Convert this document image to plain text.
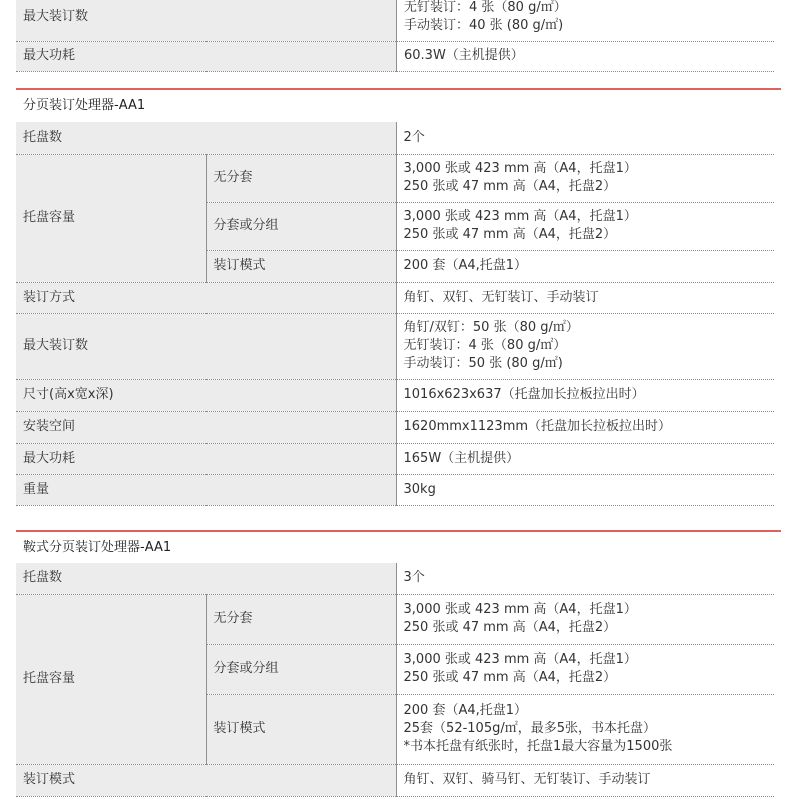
最大装订数	无钉装订：4 张（80 g/㎡）
手动装订：40 张 (80 g/㎡)

最大功耗	60.3W（主机提供）
分页装订处理器-AA1
托盘数		2个
托盘容量	无分套	3,000 张或 423 mm 高（A4，托盘1）
250 张或 47 mm 高（A4，托盘2）

	分套或分组	3,000 张或 423 mm 高（A4，托盘1）
250 张或 47 mm 高（A4，托盘2）

	装订模式	200 套（A4,托盘1）
装订方式		角钉、双钉、无钉装订、手动装订
最大装订数		角钉/双钉：50 张（80 g/㎡）
无钉装订：4 张（80 g/㎡）
手动装订：50 张 (80 g/㎡)

尺寸(高x宽x深)		1016x623x637（托盘加长拉板拉出时）
安装空间		1620mmx1123mm（托盘加长拉板拉出时）
最大功耗		165W（主机提供）
重量		30kg
鞍式分页装订处理器-AA1
托盘数		3个
托盘容量	无分套	3,000 张或 423 mm 高（A4，托盘1）
250 张或 47 mm 高（A4，托盘2）

	分套或分组	3,000 张或 423 mm 高（A4，托盘1）
250 张或 47 mm 高（A4，托盘2）

	装订模式	200 套（A4,托盘1）
25套（52-105g/㎡，最多5张，书本托盘）
*书本托盘有纸张时，托盘1最大容量为1500张

装订模式		角钉、双钉、骑马钉、无钉装订、手动装订
